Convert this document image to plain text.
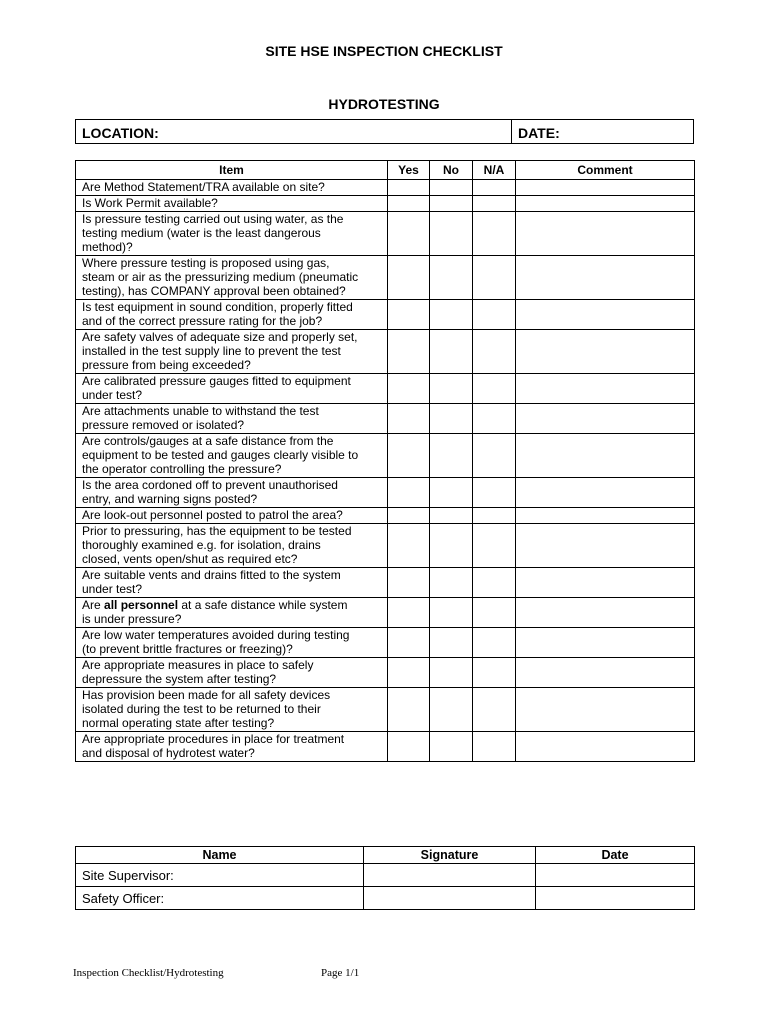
SITE HSE INSPECTION CHECKLIST
HYDROTESTING
LOCATION:	DATE:
Item	Yes	No	N/A	Comment

Are Method Statement/TRA available on site?				

Is Work Permit available?				

Is pressure testing carried out using water, as the
testing medium (water is the least dangerous
method)?				

Where pressure testing is proposed using gas,
steam or air as the pressurizing medium (pneumatic
testing), has COMPANY approval been obtained?				

Is test equipment in sound condition, properly fitted
and of the correct pressure rating for the job?				

Are safety valves of adequate size and properly set,
installed in the test supply line to prevent the test
pressure from being exceeded?				

Are calibrated pressure gauges fitted to equipment
under test?				

Are attachments unable to withstand the test
pressure removed or isolated?				

Are controls/gauges at a safe distance from the
equipment to be tested and gauges clearly visible to
the operator controlling the pressure?				

Is the area cordoned off to prevent unauthorised
entry, and warning signs posted?				

Are look-out personnel posted to patrol the area?				

Prior to pressuring, has the equipment to be tested
thoroughly examined e.g. for isolation, drains
closed, vents open/shut as required etc?				

Are suitable vents and drains fitted to the system
under test?				

Are all personnel at a safe distance while system
is under pressure?				

Are low water temperatures avoided during testing
(to prevent brittle fractures or freezing)?				

Are appropriate measures in place to safely
depressure the system after testing?				

Has provision been made for all safety devices
isolated during the test to be returned to their
normal operating state after testing?				

Are appropriate procedures in place for treatment
and disposal of hydrotest water?				

Name	Signature	Date
Site Supervisor:		
Safety Officer:		
Inspection Checklist/Hydrotesting	Page 1/1
